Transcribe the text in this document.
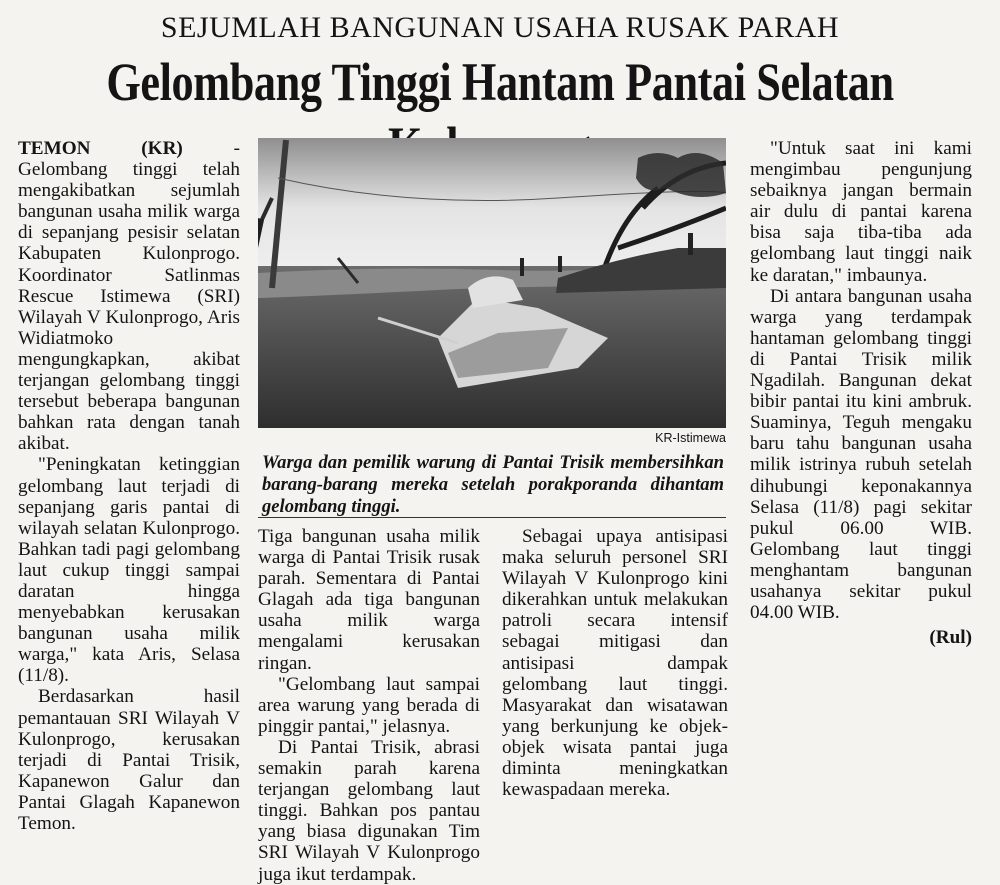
SEJUMLAH BANGUNAN USAHA RUSAK PARAH
Gelombang Tinggi Hantam Pantai Selatan

TEMON (KR)	- Gelombang tinggi telah mengakibatkan sejumlah bangunan usaha milik warga di sepanjang pesisir selatan Kabupaten Kulonprogo. Koordinator Satlinmas Rescue Istimewa (SRI) Wilayah V Kulonprogo, Aris Widiatmoko mengungkapkan, akibat terjangan gelombang tinggi tersebut beberapa bangunan bahkan rata dengan tanah akibat.

"Peningkatan ketinggian gelombang laut terjadi di sepanjang garis pantai di wilayah selatan Kulonprogo. Bahkan tadi pagi gelombang laut cukup tinggi sampai daratan hingga menyebabkan kerusakan bangunan usaha milik warga," kata Aris, Selasa (11/8).

Berdasarkan hasil pemantauan SRI Wilayah V Kulonprogo, kerusakan terjadi di Pantai Trisik, Kapanewon Galur dan Pantai Glagah Kapanewon Temon.

KR-Istimewa
Warga dan pemilik warung di Pantai Trisik membersihkan barang-barang mereka setelah porakporanda dihantam gelombang tinggi.

Tiga bangunan usaha milik warga di Pantai Trisik rusak parah. Sementara di Pantai Glagah ada tiga bangunan usaha milik warga mengalami kerusakan ringan.

"Gelombang laut sampai area warung yang berada di pinggir pantai," jelasnya.

Di Pantai Trisik, abrasi semakin parah karena terjangan gelombang laut tinggi. Bahkan pos pantau yang biasa digunakan Tim SRI Wilayah V Kulonprogo juga ikut terdampak.

Sebagai upaya antisipasi maka seluruh personel SRI Wilayah V Kulonprogo kini dikerahkan untuk melakukan patroli secara intensif sebagai mitigasi dan antisipasi dampak gelombang laut tinggi. Masyarakat dan wisatawan yang berkunjung ke objek-objek wisata pantai juga diminta meningkatkan kewaspadaan mereka.

"Untuk saat ini kami mengimbau pengunjung sebaiknya jangan bermain air dulu di pantai karena bisa saja tiba-tiba ada gelombang laut tinggi naik ke daratan," imbaunya.

Di antara bangunan usaha warga yang terdampak hantaman gelombang tinggi di Pantai Trisik milik Ngadilah. Bangunan dekat bibir pantai itu kini ambruk. Suaminya, Teguh mengaku baru tahu bangunan usaha milik istrinya rubuh setelah dihubungi keponakannya Selasa (11/8) pagi sekitar pukul 06.00 WIB. Gelombang laut tinggi menghantam bangunan usahanya sekitar pukul 04.00 WIB.

(Rul)
